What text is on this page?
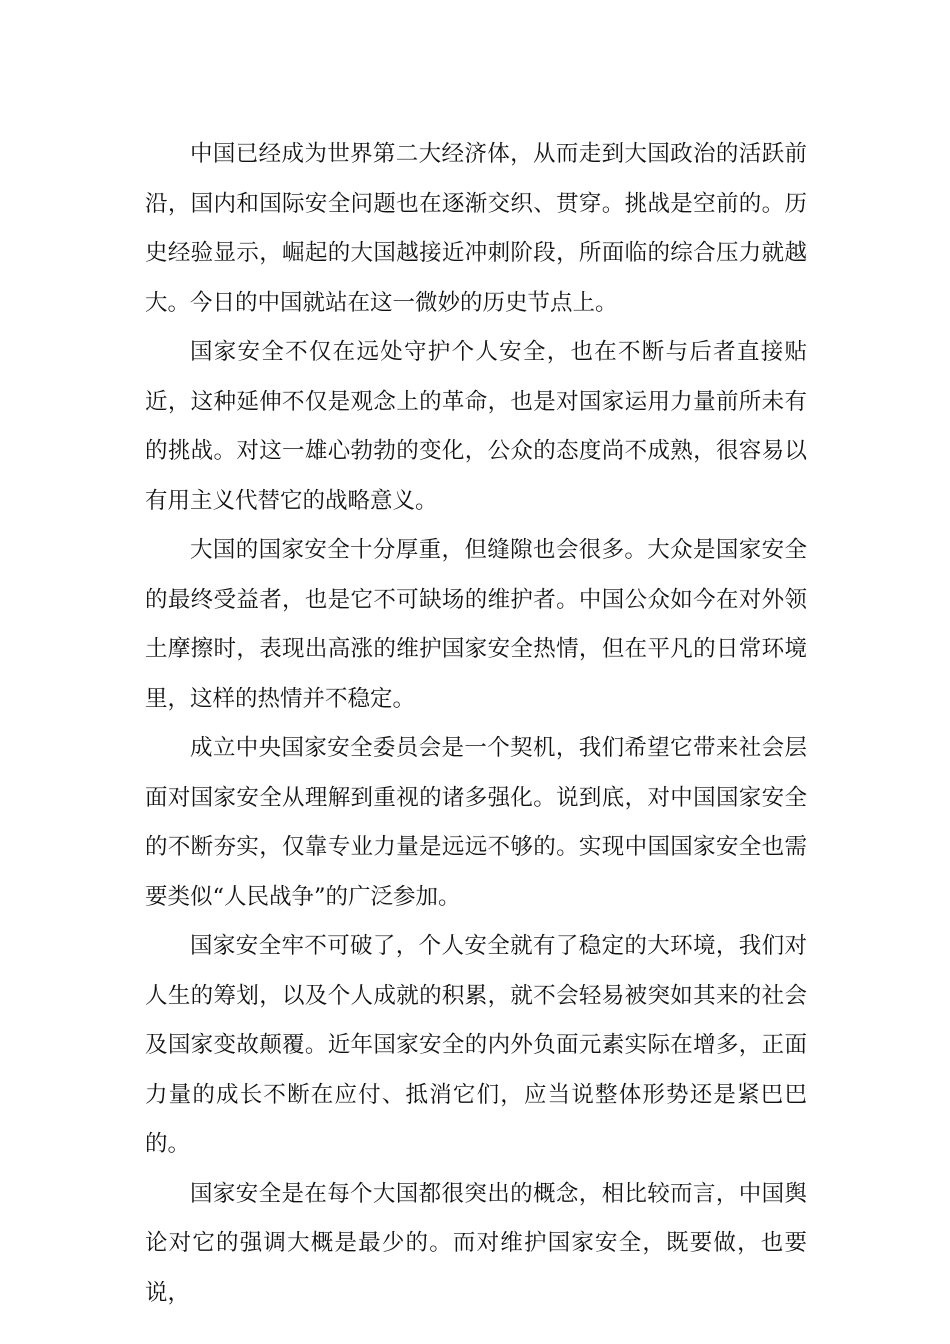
中国已经成为世界第二大经济体，从而走到大国政治的活跃前沿，国内和国际安全问题也在逐渐交织、贯穿。挑战是空前的。历史经验显示，崛起的大国越接近冲刺阶段，所面临的综合压力就越大。今日的中国就站在这一微妙的历史节点上。

国家安全不仅在远处守护个人安全，也在不断与后者直接贴近，这种延伸不仅是观念上的革命，也是对国家运用力量前所未有的挑战。对这一雄心勃勃的变化，公众的态度尚不成熟，很容易以有用主义代替它的战略意义。

大国的国家安全十分厚重，但缝隙也会很多。大众是国家安全的最终受益者，也是它不可缺场的维护者。中国公众如今在对外领土摩擦时，表现出高涨的维护国家安全热情，但在平凡的日常环境里，这样的热情并不稳定。

成立中央国家安全委员会是一个契机，我们希望它带来社会层面对国家安全从理解到重视的诸多强化。说到底，对中国国家安全的不断夯实，仅靠专业力量是远远不够的。实现中国国家安全也需要类似“人民战争”的广泛参加。

国家安全牢不可破了，个人安全就有了稳定的大环境，我们对人生的筹划，以及个人成就的积累，就不会轻易被突如其来的社会及国家变故颠覆。近年国家安全的内外负面元素实际在增多，正面力量的成长不断在应付、抵消它们，应当说整体形势还是紧巴巴的。

国家安全是在每个大国都很突出的概念，相比较而言，中国舆论对它的强调大概是最少的。而对维护国家安全，既要做，也要说，
